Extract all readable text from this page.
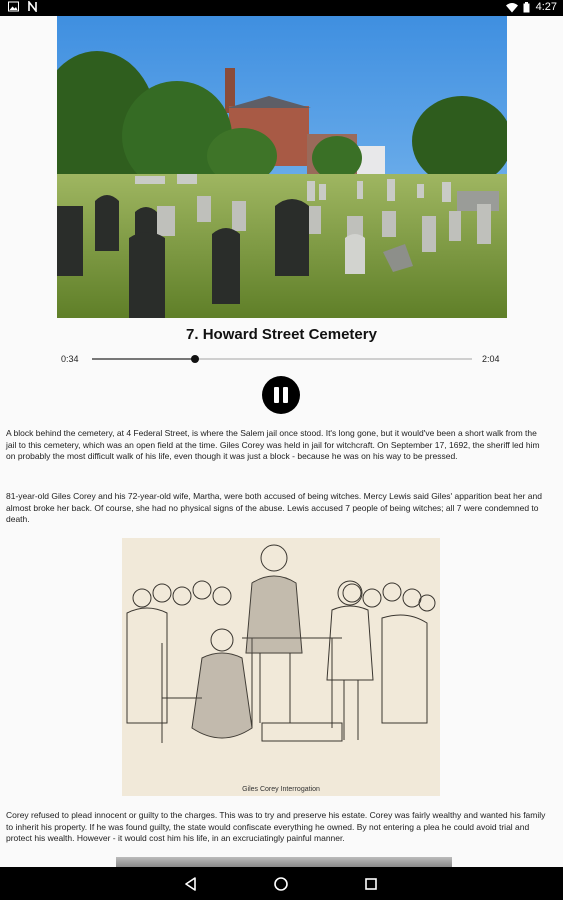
4:27
7. Howard Street Cemetery
0:34	2:04

A block behind the cemetery, at 4 Federal Street, is where the Salem jail once stood. It's long gone, but it would've been a short walk from the jail to this cemetery, which was an open field at the time. Giles Corey was held in jail for witchcraft. On September 17, 1692, the sheriff led him on probably the most difficult walk of his life, even though it was just a block - because he was on his way to be pressed.

81-year-old Giles Corey and his 72-year-old wife, Martha, were both accused of being witches. Mercy Lewis said Giles' apparition beat her and almost broke her back. Of course, she had no physical signs of the abuse. Lewis accused 7 people of being witches; all 7 were condemned to death.

Giles Corey Interrogation

Corey refused to plead innocent or guilty to the charges. This was to try and preserve his estate. Corey was fairly wealthy and wanted his family to inherit his property. If he was found guilty, the state would confiscate everything he owned. By not entering a plea he could avoid trial and protect his wealth. However - it would cost him his life, in an excruciatingly painful manner.
